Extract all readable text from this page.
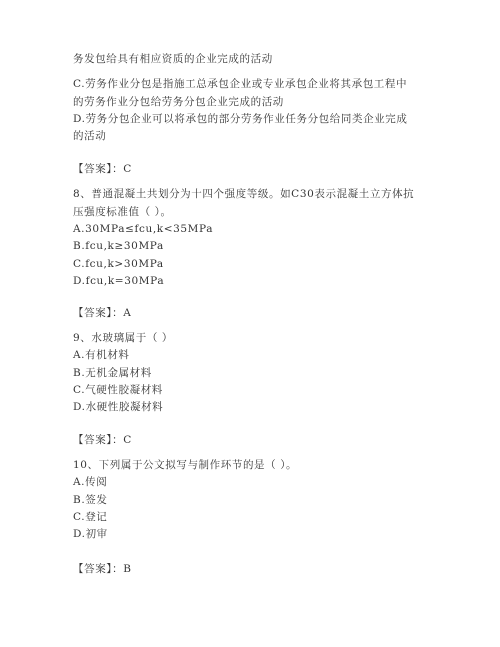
务发包给具有相应资质的企业完成的活动
C.劳务作业分包是指施工总承包企业或专业承包企业将其承包工程中
的劳务作业分包给劳务分包企业完成的活动
D.劳务分包企业可以将承包的部分劳务作业任务分包给同类企业完成
的活动
【答案】：C
8、普通混凝土共划分为十四个强度等级。如C30表示混凝土立方体抗
压强度标准值（ ）。
A.30MPa≤fcu,k<35MPa
B.fcu,k≥30MPa
C.fcu,k>30MPa
D.fcu,k=30MPa
【答案】：A
9、水玻璃属于（ ）
A.有机材料
B.无机金属材料
C.气硬性胶凝材料
D.水硬性胶凝材料
【答案】：C
10、下列属于公文拟写与制作环节的是（ ）。
A.传阅
B.签发
C.登记
D.初审
【答案】：B
